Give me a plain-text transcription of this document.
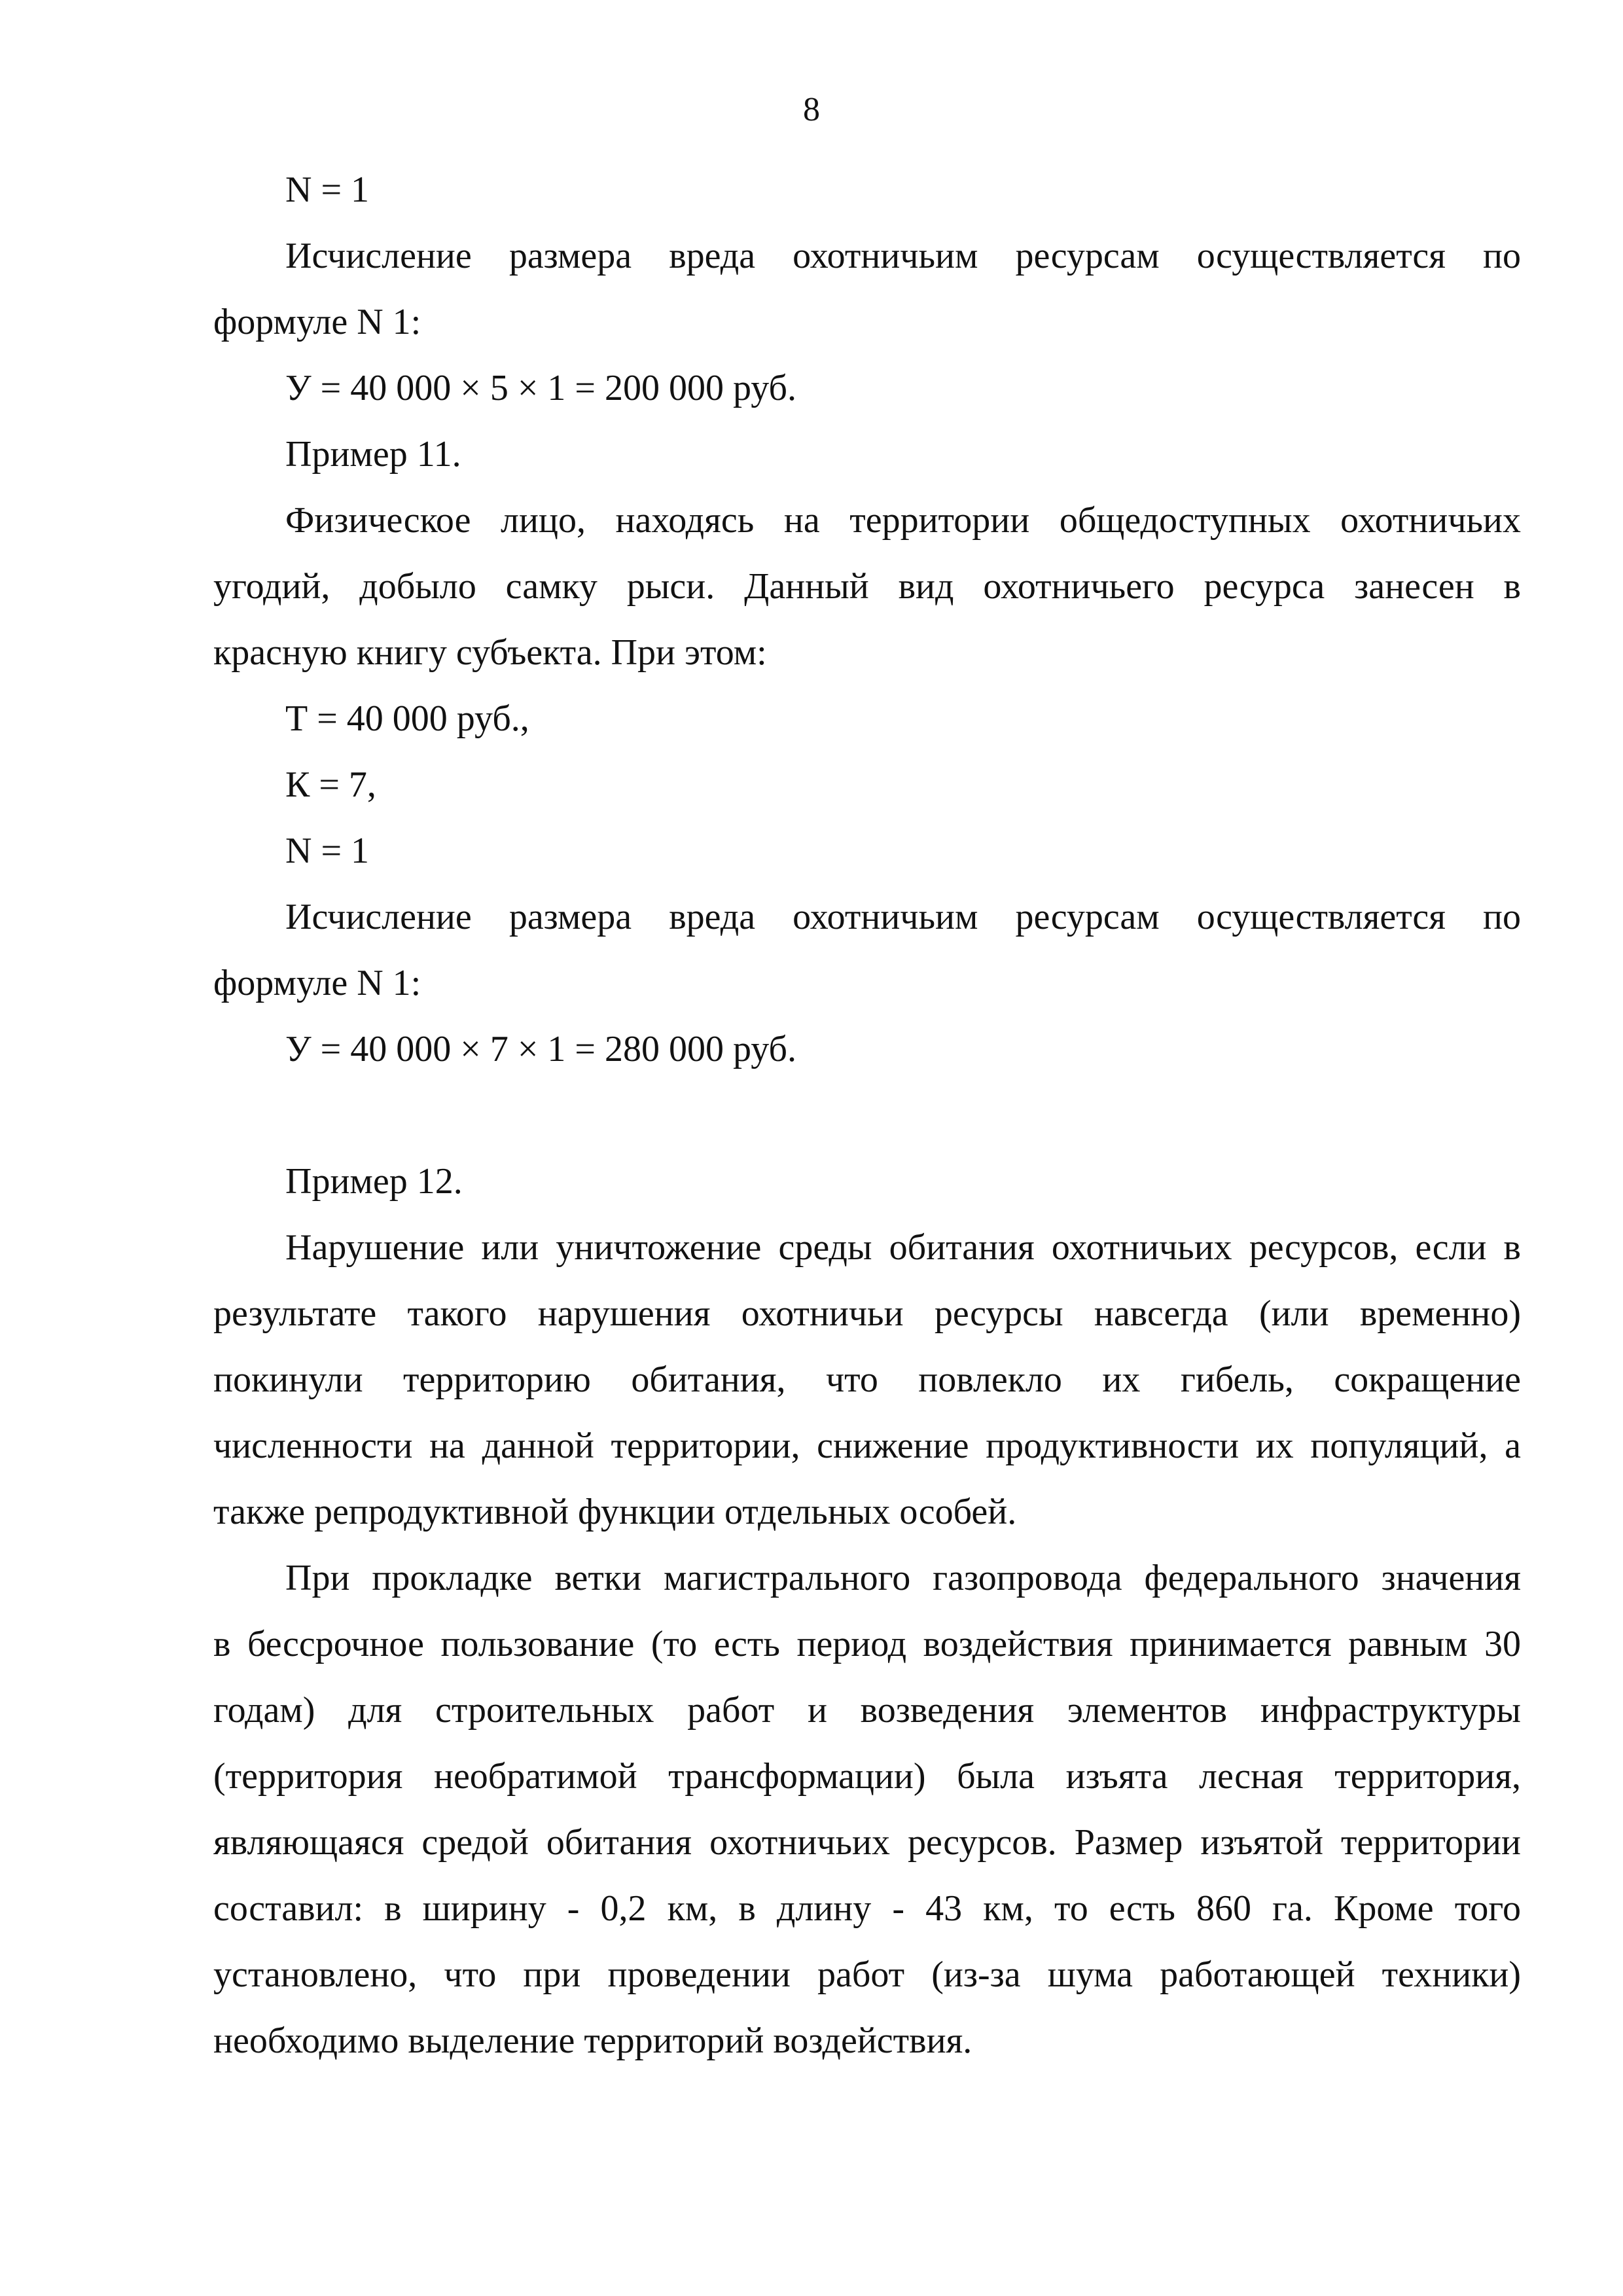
8
N = 1
Исчисление размера вреда охотничьим ресурсам осуществляется по
формуле N 1:
У = 40 000 × 5 × 1 = 200 000 руб.
Пример 11.
Физическое лицо, находясь на территории общедоступных охотничьих
угодий, добыло самку рыси. Данный вид охотничьего ресурса занесен в
красную книгу субъекта. При этом:
Т = 40 000 руб.,
К = 7,
N = 1
Исчисление размера вреда охотничьим ресурсам осуществляется по
формуле N 1:
У = 40 000 × 7 × 1 = 280 000 руб.
Пример 12.
Нарушение или уничтожение среды обитания охотничьих ресурсов, если в
результате такого нарушения охотничьи ресурсы навсегда (или временно)
покинули территорию обитания, что повлекло их гибель, сокращение
численности на данной территории, снижение продуктивности их популяций, а
также репродуктивной функции отдельных особей.
При прокладке ветки магистрального газопровода федерального значения
в бессрочное пользование (то есть период воздействия принимается равным 30
годам) для строительных работ и возведения элементов инфраструктуры
(территория необратимой трансформации) была изъята лесная территория,
являющаяся средой обитания охотничьих ресурсов. Размер изъятой территории
составил: в ширину - 0,2 км, в длину - 43 км, то есть 860 га. Кроме того
установлено, что при проведении работ (из-за шума работающей техники)
необходимо выделение территорий воздействия.
